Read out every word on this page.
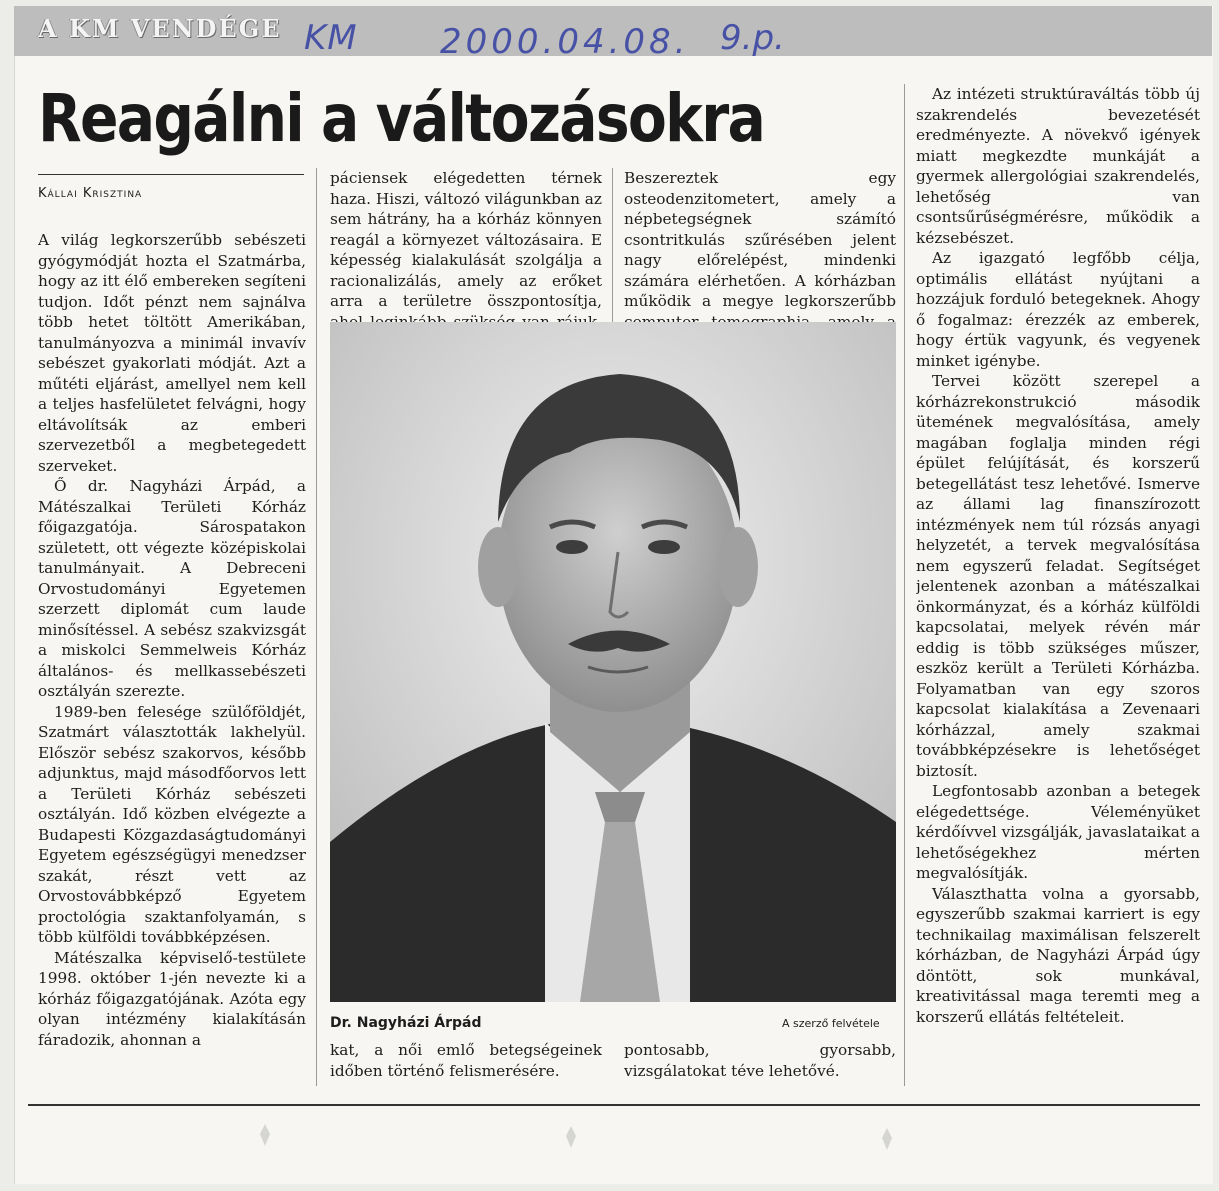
A KM VENDÉGE KM 2000.04.08. 9.p.
Reagálni a változásokra
Kállai Krisztina

A világ legkorszerűbb sebészeti gyógymódját hozta el Szatmárba, hogy az itt élő embereken segíteni tudjon. Időt pénzt nem sajnálva több hetet töltött Amerikában, tanulmányozva a minimál invavív sebészet gyakorlati módját. Azt a műtéti eljárást, amellyel nem kell a teljes hasfelületet felvágni, hogy eltávolítsák az emberi szervezetből a megbetegedett szerveket.

Ő dr. Nagyházi Árpád, a Mátészalkai Területi Kórház főigazgatója. Sárospatakon született, ott végezte középiskolai tanulmányait. A Debreceni Orvostudományi Egyetemen szerzett diplomát cum laude minősítéssel. A sebész szakvizsgát a miskolci Semmelweis Kórház általános- és mellkassebészeti osztályán szerezte.

1989-ben felesége szülőföldjét, Szatmárt választották lakhelyül. Először sebész szakorvos, később adjunktus, majd másodfőorvos lett a Területi Kórház sebészeti osztályán. Idő közben elvégezte a Budapesti Közgazdaságtudományi Egyetem egészségügyi menedzser szakát, részt vett az Orvostovábbképző Egyetem proctológia szaktanfolyamán, s több külföldi továbbképzésen.

Mátészalka képviselő-testülete 1998. október 1-jén nevezte ki a kórház főigazgatójának. Azóta egy olyan intézmény kialakításán fáradozik, ahonnan a

páciensek elégedetten térnek haza. Hiszi, változó világunkban az sem hátrány, ha a kórház könnyen reagál a környezet változásaira. E képesség kialakulását szolgálja a racionalizálás, amely az erőket arra a területre összpontosítja,

Beszereztek egy osteodenzitometert, amely a népbetegségnek számító csontritkulás szűrésében jelent nagy előrelépést, mindenki számára elérhetően. A kórházban működik a megye legkorszerűbb

Az intézeti struktúraváltás több új szakrendelés bevezetését eredményezte. A növekvő igények miatt megkezdte munkáját a gyermek allergológiai szakrendelés, lehetőség van csontsűrűségmérésre, működik a kézsebészet.

Az igazgató legfőbb célja, optimális ellátást nyújtani a hozzájuk forduló betegeknek. Ahogy ő fogalmaz: érezzék az emberek, hogy értük vagyunk, és vegyenek minket igénybe.

Tervei között szerepel a kórházrekonstrukció második ütemének megvalósítása, amely magában foglalja minden régi épület felújítását, és korszerű betegellátást tesz lehetővé. Ismerve az állami lag finanszírozott intézmények nem túl rózsás anyagi helyzetét, a tervek megvalósítása nem egyszerű feladat. Segítséget jelentenek azonban a mátészalkai önkormányzat, és a kórház külföldi kapcsolatai, melyek révén már eddig is több szükséges műszer, eszköz került a Területi Kórházba. Folyamatban van egy szoros kapcsolat kialakítása a Zevenaari kórházzal, amely szakmai továbbképzésekre is lehetőséget biztosít.

Legfontosabb azonban a betegek elégedettsége. Véleményüket kérdőívvel vizsgálják, javaslataikat a lehetőségekhez mérten megvalósítják.

Választhatta volna a gyorsabb, egyszerűbb szakmai karriert is egy technikailag maximálisan felszerelt kórházban, de Nagyházi Árpád úgy döntött, sok munkával, kreativitással maga teremti meg a korszerű ellátás feltételeit.

Dr. Nagyházi Árpád	A szerző felvétele

kat, a női emlő betegségeinek időben történő felismerésére.

pontosabb, gyorsabb, vizsgálatokat téve lehetővé.
